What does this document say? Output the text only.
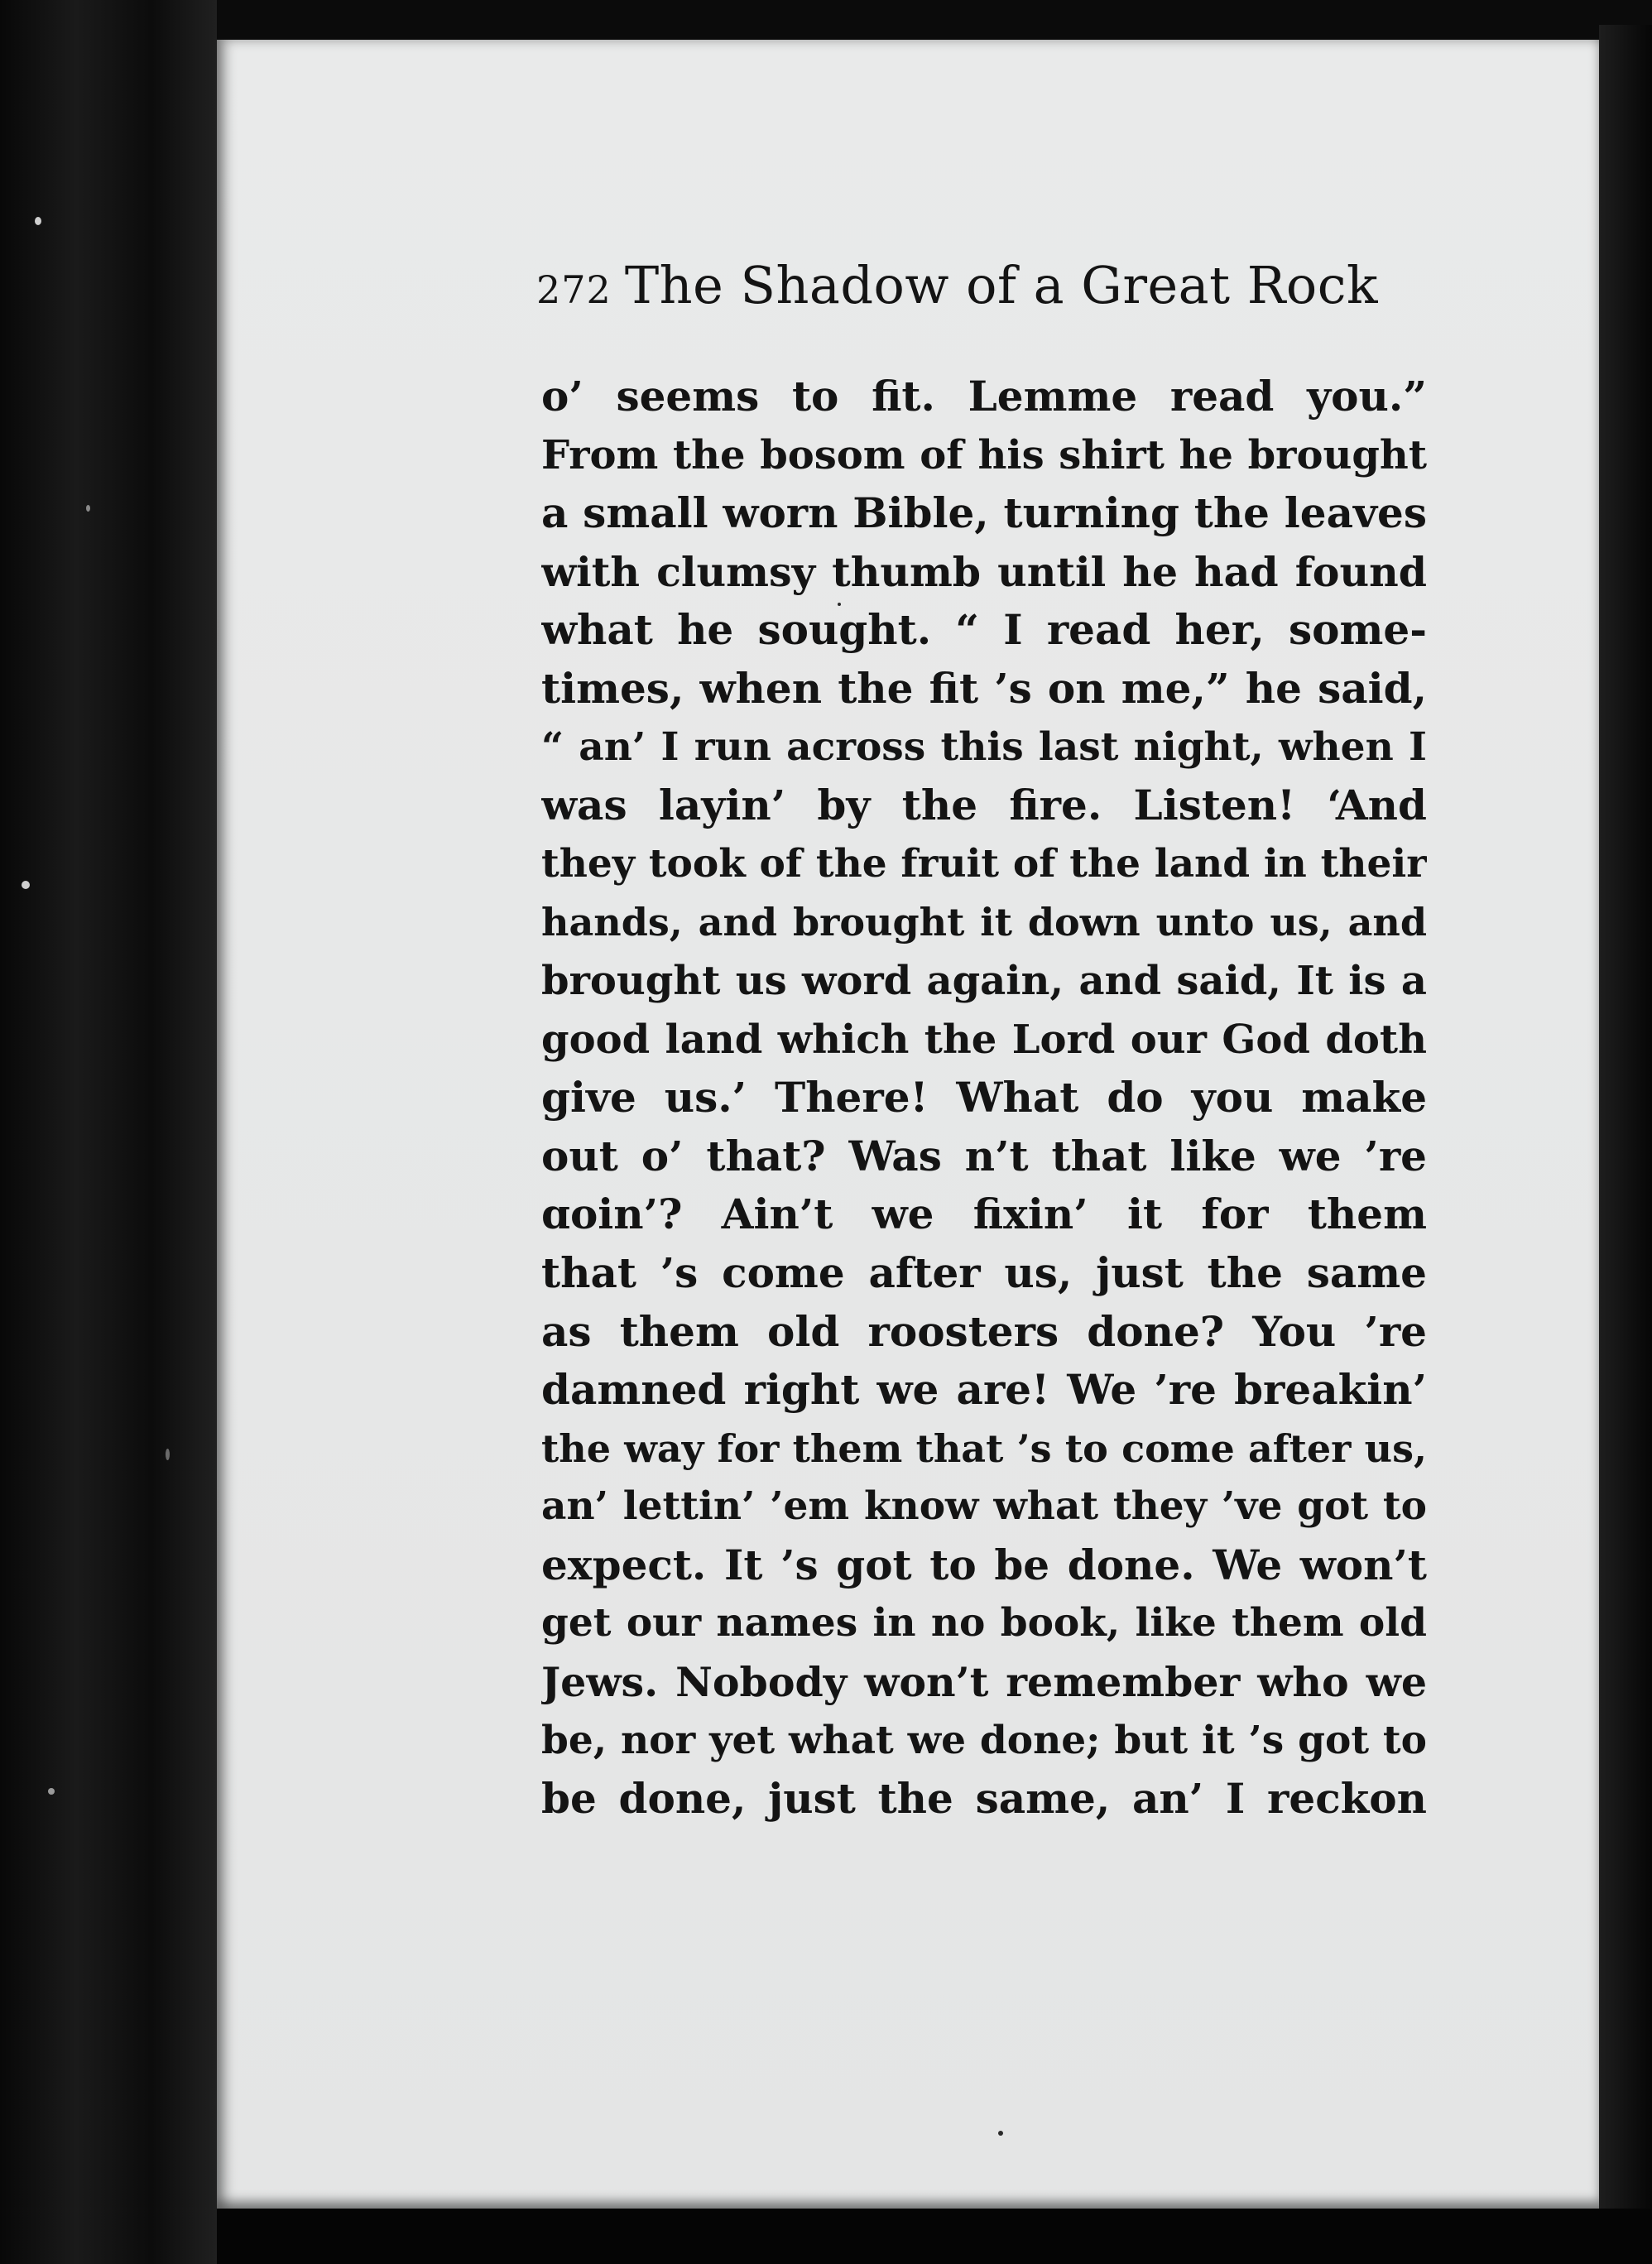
272 The Shadow of a Great Rock
o’ seems to fit. Lemme read you.”
From the bosom of his shirt he brought
a small worn Bible, turning the leaves
with clumsy thumb until he had found
what he sought. “ I read her, some-
times, when the fit ’s on me,” he said,
“ an’ I run across this last night, when I
was layin’ by the fire. Listen! ‘And
they took of the fruit of the land in their
hands, and brought it down unto us, and
brought us word again, and said, It is a
good land which the Lord our God doth
give us.’ There! What do you make
out o’ that? Was n’t that like we ’re
ɑoin’? Ain’t we fixin’ it for them
that ’s come after us, just the same
as them old roosters done? You ’re
damned right we are! We ’re breakin’
the way for them that ’s to come after us,
an’ lettin’ ’em know what they ’ve got to
expect. It ’s got to be done. We won’t
get our names in no book, like them old
Jews. Nobody won’t remember who we
be, nor yet what we done; but it ’s got to
be done, just the same, an’ I reckon
